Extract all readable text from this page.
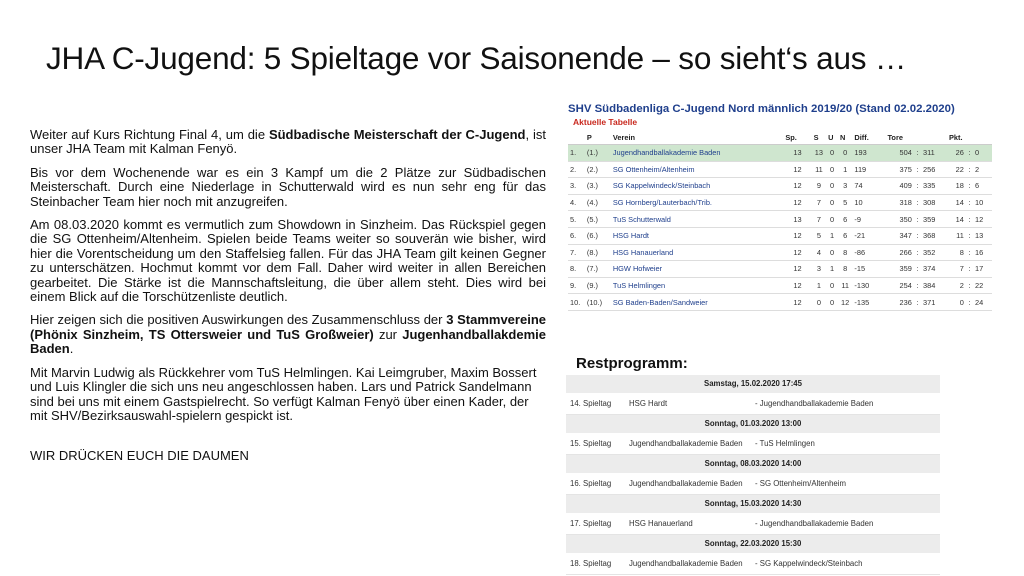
JHA C-Jugend: 5 Spieltage vor Saisonende – so sieht‘s aus …

Weiter auf Kurs Richtung Final 4, um die Südbadische Meisterschaft der C-Jugend, ist unser JHA Team mit Kalman Fenyö.

Bis vor dem Wochenende war es ein 3 Kampf um die 2 Plätze zur Südbadischen Meisterschaft. Durch eine Niederlage in Schutterwald wird es nun sehr eng für das Steinbacher Team hier noch mit anzugreifen.

Am 08.03.2020 kommt es vermutlich zum Showdown in Sinzheim. Das Rückspiel gegen die SG Ottenheim/Altenheim. Spielen beide Teams weiter so souverän wie bisher, wird hier die Vorentscheidung um den Staffelsieg fallen. Für das JHA Team gilt keinen Gegner zu unterschätzen. Hochmut kommt vor dem Fall. Daher wird weiter in allen Bereichen gearbeitet. Die Stärke ist die Mannschaftsleitung, die über allem steht. Dies wird bei einem Blick auf die Torschützenliste deutlich.

Hier zeigen sich die positiven Auswirkungen des Zusammenschluss der 3 Stammvereine (Phönix Sinzheim, TS Ottersweier und TuS Großweier) zur Jugenhandballakdemie Baden.

Mit Marvin Ludwig als Rückkehrer vom TuS Helmlingen. Kai Leimgruber, Maxim Bossert und Luis Klingler die sich uns neu angeschlossen haben. Lars und Patrick Sandelmann sind bei uns mit einem Gastspielrecht. So verfügt Kalman Fenyö über einen Kader, der mit SHV/Bezirksauswahl-spielern gespickt ist.

WIR DRÜCKEN EUCH DIE DAUMEN

SHV Südbadenliga C-Jugend Nord männlich 2019/20 (Stand 02.02.2020)
Aktuelle Tabelle
	P	Verein	Sp.	S	U	N	Diff.	Tore			Pkt.		
1.	(1.)	Jugendhandballakademie Baden	13	13	0	0	193	504	:	311	26	:	0
2.	(2.)	SG Ottenheim/Altenheim	12	11	0	1	119	375	:	256	22	:	2
3.	(3.)	SG Kappelwindeck/Steinbach	12	9	0	3	74	409	:	335	18	:	6
4.	(4.)	SG Hornberg/Lauterbach/Trib.	12	7	0	5	10	318	:	308	14	:	10
5.	(5.)	TuS Schutterwald	13	7	0	6	-9	350	:	359	14	:	12
6.	(6.)	HSG Hardt	12	5	1	6	-21	347	:	368	11	:	13
7.	(8.)	HSG Hanauerland	12	4	0	8	-86	266	:	352	8	:	16
8.	(7.)	HGW Hofweier	12	3	1	8	-15	359	:	374	7	:	17
9.	(9.)	TuS Helmlingen	12	1	0	11	-130	254	:	384	2	:	22
10.	(10.)	SG Baden-Baden/Sandweier	12	0	0	12	-135	236	:	371	0	:	24
Restprogramm:
Samstag, 15.02.2020 17:45
14. Spieltag HSG Hardt	- Jugendhandballakademie Baden
Sonntag, 01.03.2020 13:00
15. Spieltag Jugendhandballakademie Baden - TuS Helmlingen
Sonntag, 08.03.2020 14:00
16. Spieltag Jugendhandballakademie Baden - SG Ottenheim/Altenheim
Sonntag, 15.03.2020 14:30
17. Spieltag HSG Hanauerland	- Jugendhandballakademie Baden
Sonntag, 22.03.2020 15:30
18. Spieltag Jugendhandballakademie Baden - SG Kappelwindeck/Steinbach
